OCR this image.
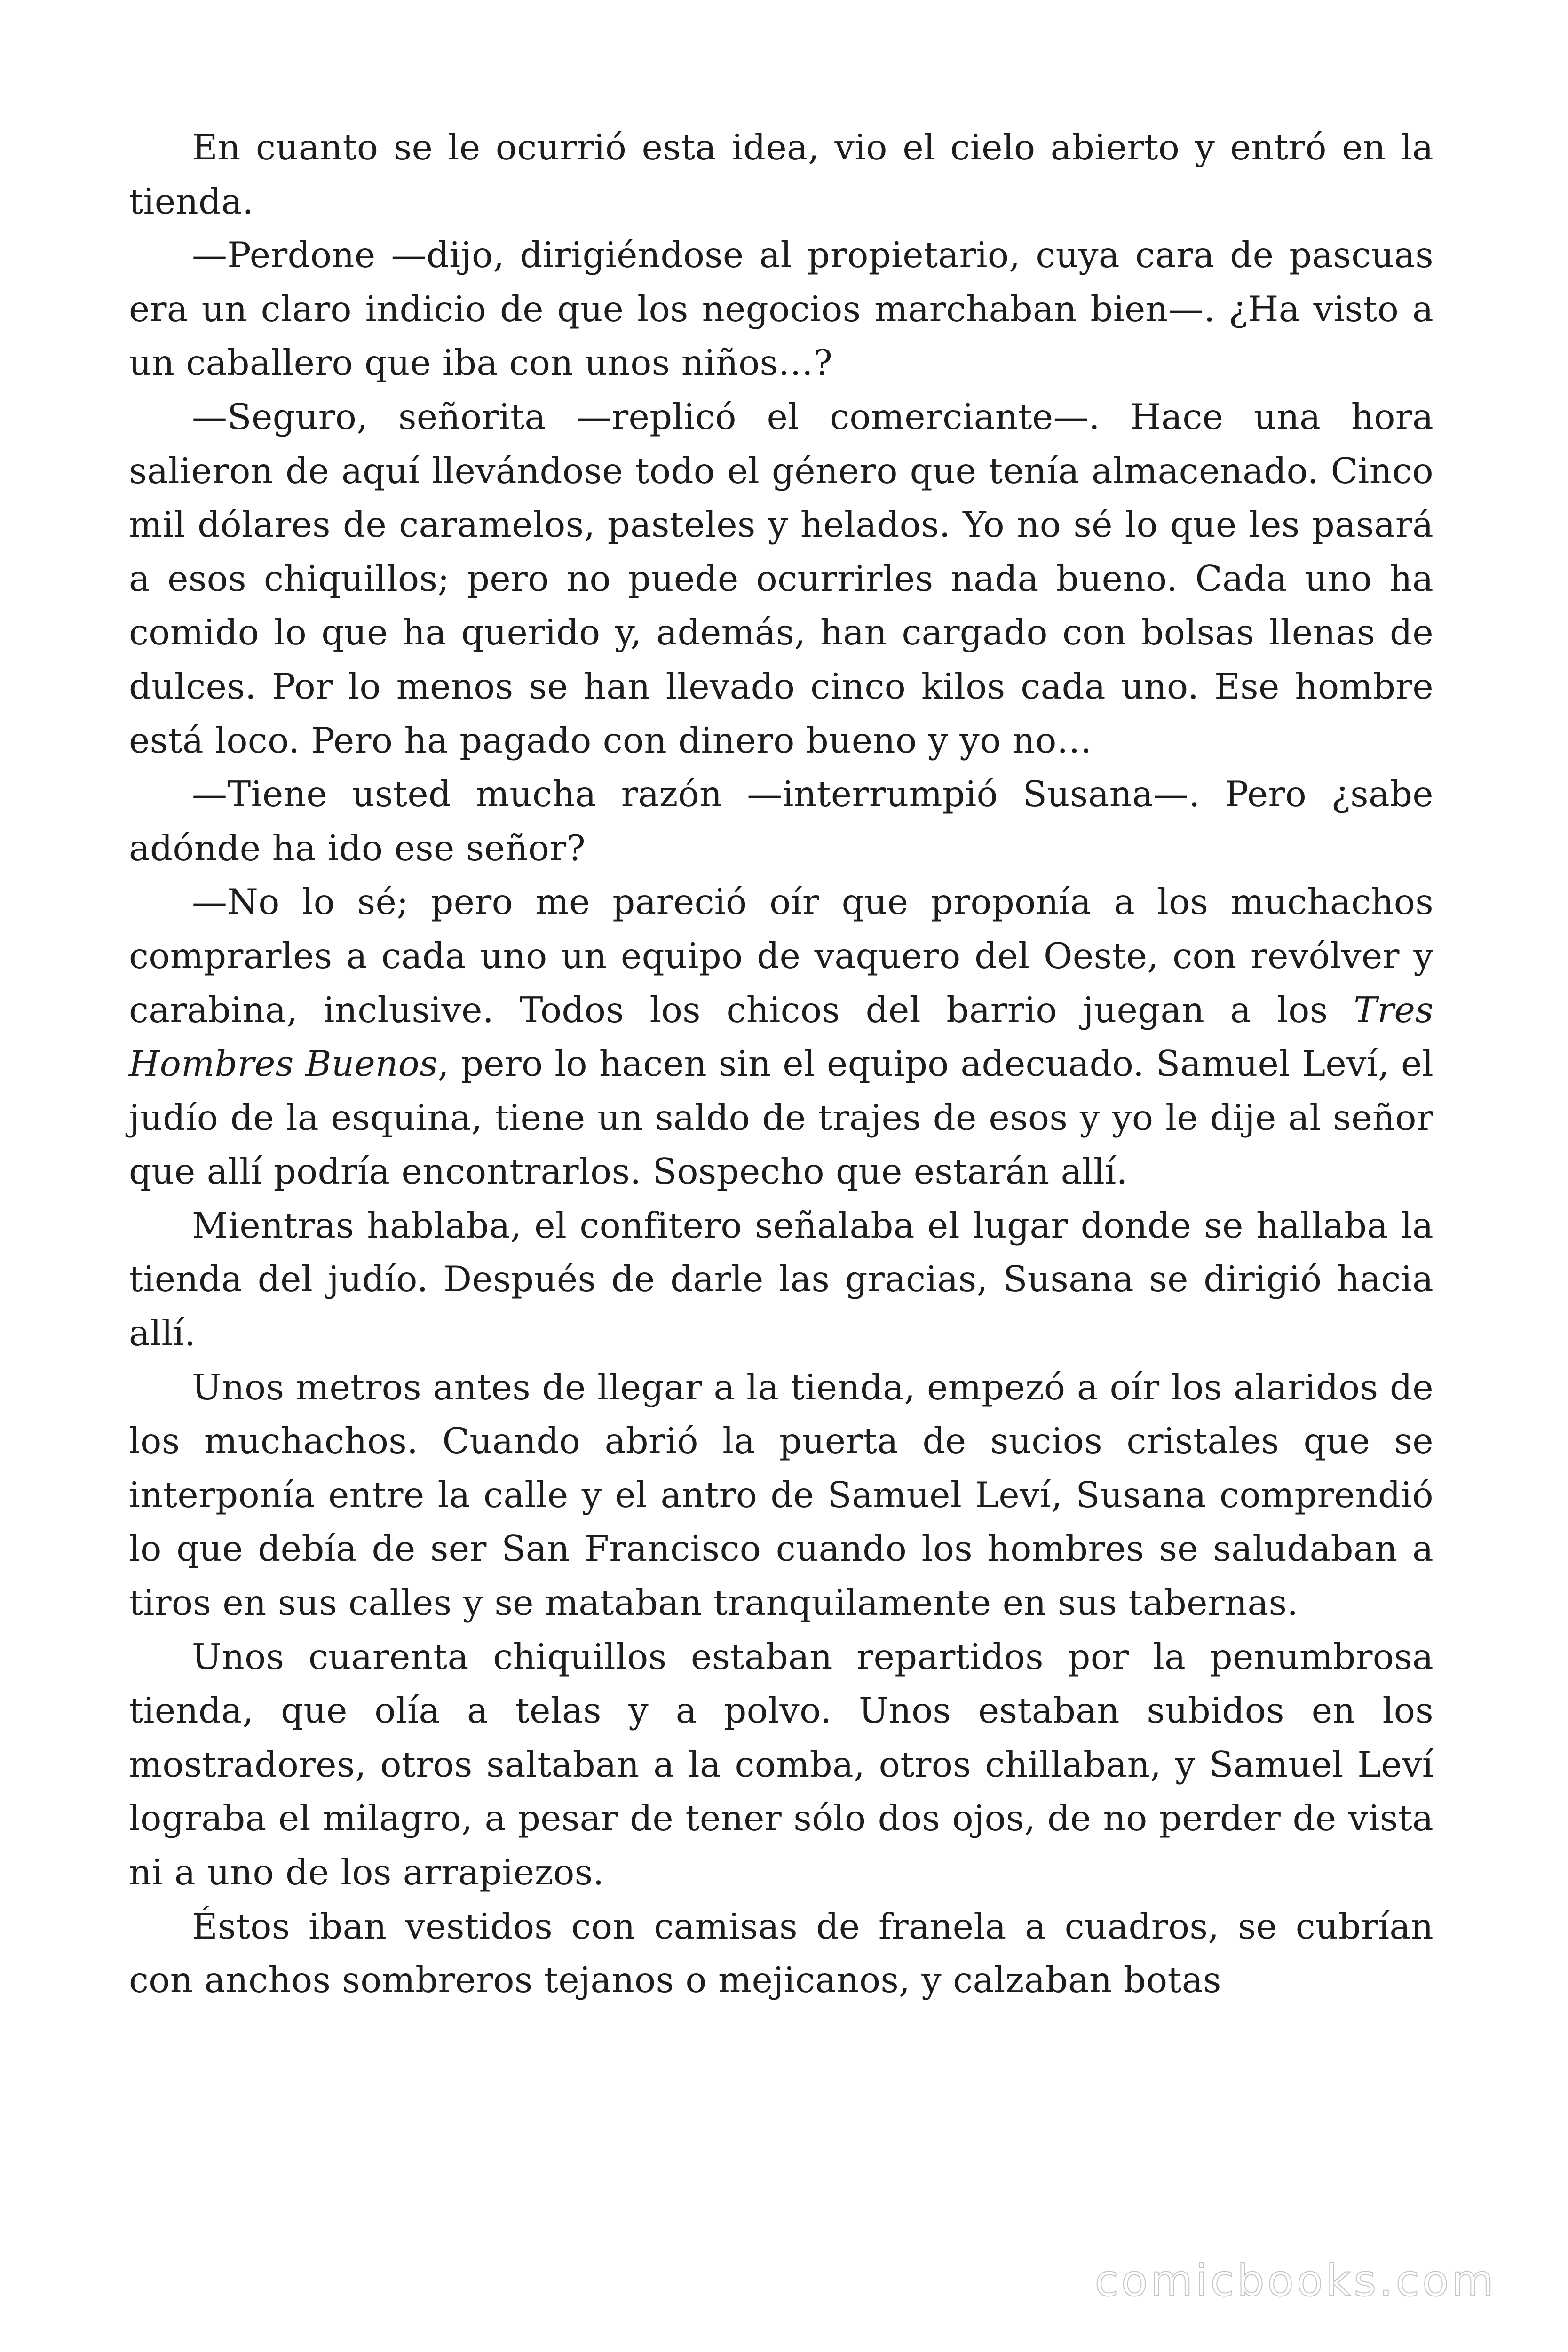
En cuanto se le ocurrió esta idea, vio el cielo abierto y entró en la tienda.

—Perdone —dijo, dirigiéndose al propietario, cuya cara de pascuas era un claro indicio de que los negocios marchaban bien—. ¿Ha visto a un caballero que iba con unos niños…?

—Seguro, señorita —replicó el comerciante—. Hace una hora salieron de aquí llevándose todo el género que tenía almacenado. Cinco mil dólares de caramelos, pasteles y helados. Yo no sé lo que les pasará a esos chiquillos; pero no puede ocurrirles nada bueno. Cada uno ha comido lo que ha querido y, además, han cargado con bolsas llenas de dulces. Por lo menos se han llevado cinco kilos cada uno. Ese hombre está loco. Pero ha pagado con dinero bueno y yo no…

—Tiene usted mucha razón —interrumpió Susana—. Pero ¿sabe adónde ha ido ese señor?

—No lo sé; pero me pareció oír que proponía a los muchachos comprarles a cada uno un equipo de vaquero del Oeste, con revólver y carabina, inclusive. Todos los chicos del barrio juegan a los Tres Hombres Buenos, pero lo hacen sin el equipo adecuado. Samuel Leví, el judío de la esquina, tiene un saldo de trajes de esos y yo le dije al señor que allí podría encontrarlos. Sospecho que estarán allí.

Mientras hablaba, el confitero señalaba el lugar donde se hallaba la tienda del judío. Después de darle las gracias, Susana se dirigió hacia allí.

Unos metros antes de llegar a la tienda, empezó a oír los alaridos de los muchachos. Cuando abrió la puerta de sucios cristales que se interponía entre la calle y el antro de Samuel Leví, Susana comprendió lo que debía de ser San Francisco cuando los hombres se saludaban a tiros en sus calles y se mataban tranquilamente en sus tabernas.

Unos cuarenta chiquillos estaban repartidos por la penumbrosa tienda, que olía a telas y a polvo. Unos estaban subidos en los mostradores, otros saltaban a la comba, otros chillaban, y Samuel Leví lograba el milagro, a pesar de tener sólo dos ojos, de no perder de vista ni a uno de los arrapiezos.

Éstos iban vestidos con camisas de franela a cuadros, se cubrían con anchos sombreros tejanos o mejicanos, y calzaban botas

comicbooks.com
